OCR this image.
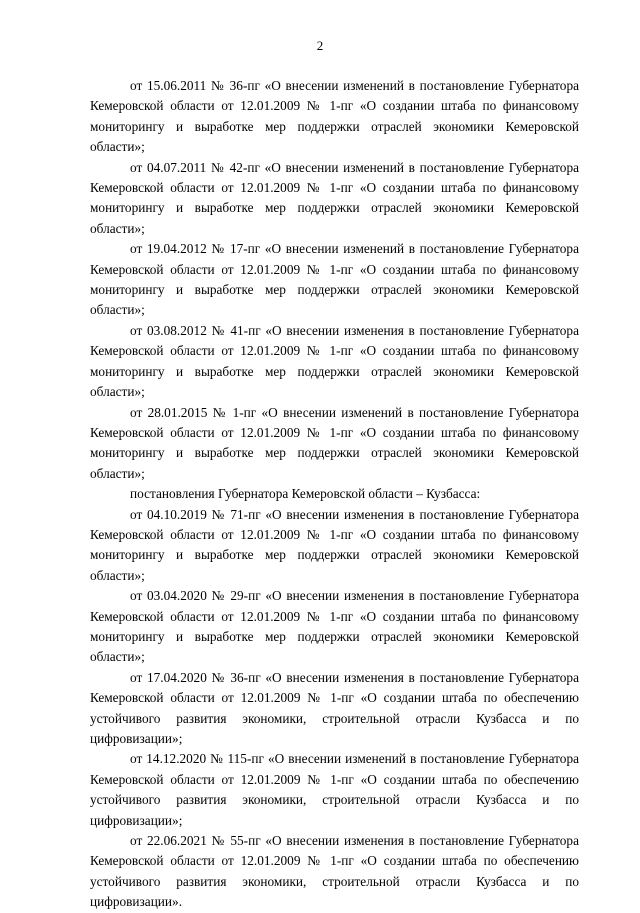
2

от 15.06.2011 № 36-пг «О внесении изменений в постановление Губернатора Кемеровской области от 12.01.2009 № 1-пг «О создании штаба по финансовому мониторингу и выработке мер поддержки отраслей экономики Кемеровской области»;

от 04.07.2011 № 42-пг «О внесении изменений в постановление Губернатора Кемеровской области от 12.01.2009 № 1-пг «О создании штаба по финансовому мониторингу и выработке мер поддержки отраслей экономики Кемеровской области»;

от 19.04.2012 № 17-пг «О внесении изменений в постановление Губернатора Кемеровской области от 12.01.2009 № 1-пг «О создании штаба по финансовому мониторингу и выработке мер поддержки отраслей экономики Кемеровской области»;

от 03.08.2012 № 41-пг «О внесении изменения в постановление Губернатора Кемеровской области от 12.01.2009 № 1-пг «О создании штаба по финансовому мониторингу и выработке мер поддержки отраслей экономики Кемеровской области»;

от 28.01.2015 № 1-пг «О внесении изменений в постановление Губернатора Кемеровской области от 12.01.2009 № 1-пг «О создании штаба по финансовому мониторингу и выработке мер поддержки отраслей экономики Кемеровской области»;

постановления Губернатора Кемеровской области – Кузбасса:

от 04.10.2019 № 71-пг «О внесении изменения в постановление Губернатора Кемеровской области от 12.01.2009 № 1-пг «О создании штаба по финансовому мониторингу и выработке мер поддержки отраслей экономики Кемеровской области»;

от 03.04.2020 № 29-пг «О внесении изменения в постановление Губернатора Кемеровской области от 12.01.2009 № 1-пг «О создании штаба по финансовому мониторингу и выработке мер поддержки отраслей экономики Кемеровской области»;

от 17.04.2020 № 36-пг «О внесении изменения в постановление Губернатора Кемеровской области от 12.01.2009 № 1-пг «О создании штаба по обеспечению устойчивого развития экономики, строительной отрасли Кузбасса и по цифровизации»;

от 14.12.2020 № 115-пг «О внесении изменений в постановление Губернатора Кемеровской области от 12.01.2009 № 1-пг «О создании штаба по обеспечению устойчивого развития экономики, строительной отрасли Кузбасса и по цифровизации»;

от 22.06.2021 № 55-пг «О внесении изменения в постановление Губернатора Кемеровской области от 12.01.2009 № 1-пг «О создании штаба по обеспечению устойчивого развития экономики, строительной отрасли Кузбасса и по цифровизации».
